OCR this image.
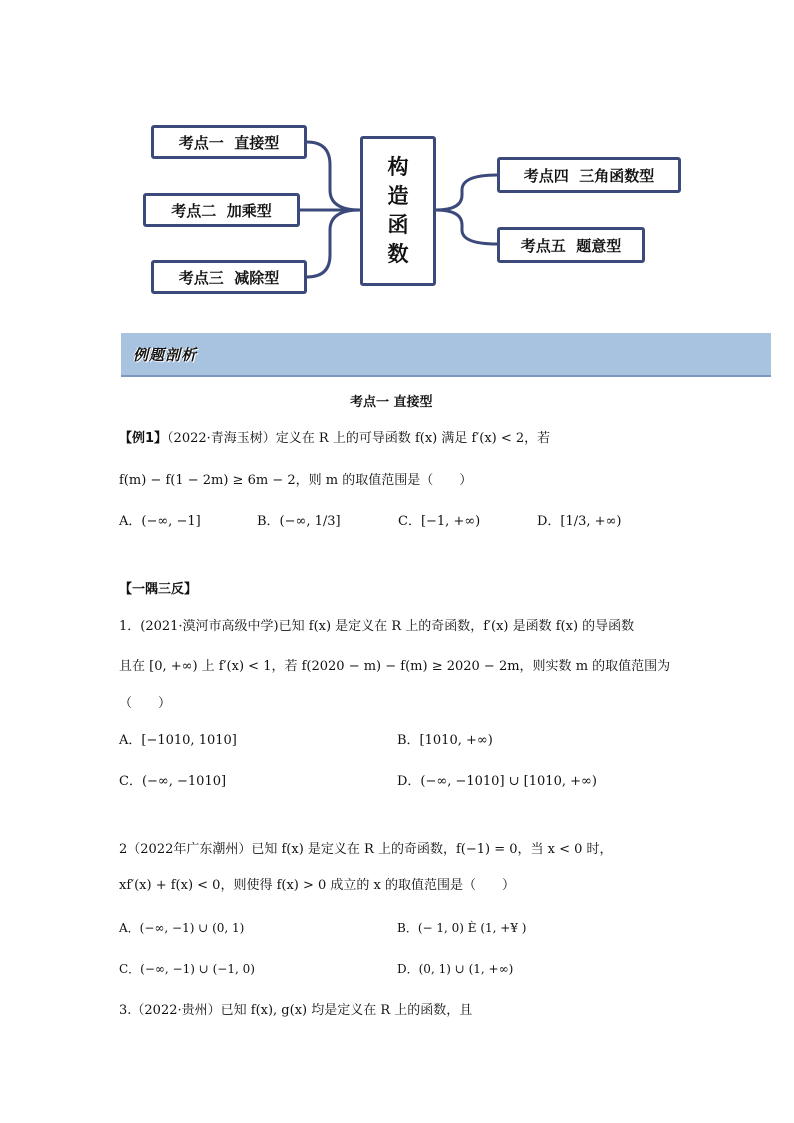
考点一  直接型
考点二  加乘型
考点三  减除型
构
造
函
数
考点四  三角函数型
考点五  题意型
例题剖析
考点一 直接型
【例1】（2022·青海玉树）定义在 R 上的可导函数 f(x) 满足 f′(x) < 2，若
f(m) − f(1 − 2m) ≥ 6m − 2，则 m 的取值范围是（　　）
A．(−∞, −1]	B．(−∞, 1/3]	C．[−1, +∞)	D．[1/3, +∞)
【一隅三反】
1．(2021·漠河市高级中学)已知 f(x) 是定义在 R 上的奇函数，f′(x) 是函数 f(x) 的导函数
且在 [0, +∞) 上 f′(x) < 1，若 f(2020 − m) − f(m) ≥ 2020 − 2m，则实数 m 的取值范围为
（　　）
A．[−1010, 1010]	B．[1010, +∞)
C．(−∞, −1010]	D．(−∞, −1010] ∪ [1010, +∞)
2（2022年广东潮州）已知 f(x) 是定义在 R 上的奇函数，f(−1) = 0，当 x < 0 时，
xf′(x) + f(x) < 0，则使得 f(x) > 0 成立的 x 的取值范围是（　　）
A．(−∞, −1) ∪ (0, 1)	B．(− 1, 0) È (1, +¥ )
C．(−∞, −1) ∪ (−1, 0)	D．(0, 1) ∪ (1, +∞)
3.（2022·贵州）已知 f(x), g(x) 均是定义在 R 上的函数，且
